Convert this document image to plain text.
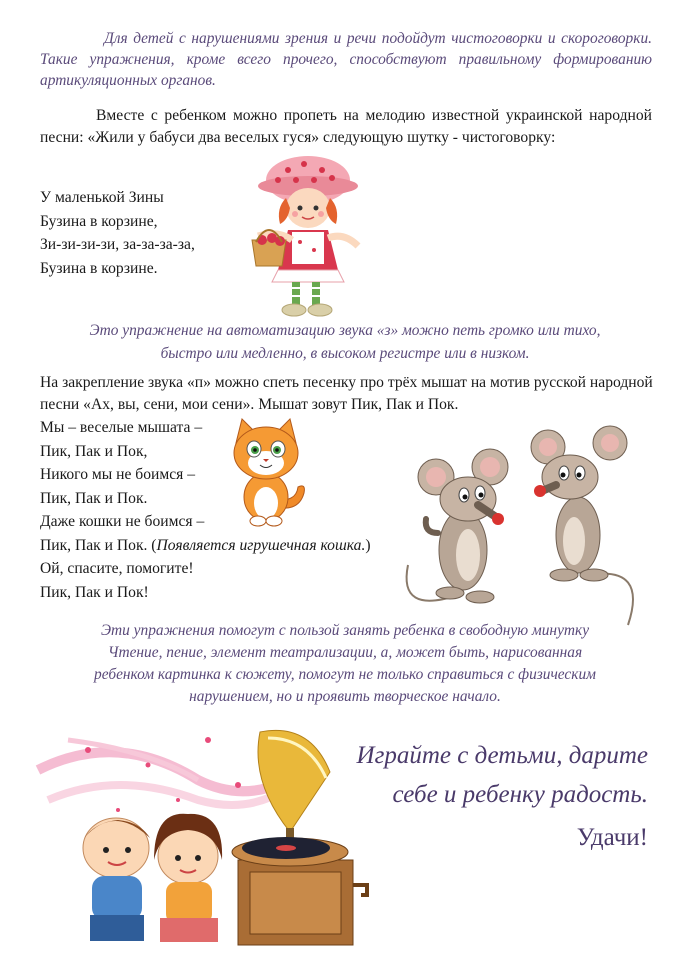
Для детей с нарушениями зрения и речи подойдут чистоговорки и скороговорки. Такие упражнения, кроме всего прочего, способствуют правильному формированию артикуляционных органов.
Вместе с ребенком можно пропеть на мелодию известной украинской народной песни: «Жили у бабуси два веселых гуся» следующую шутку - чистоговорку:
У маленькой Зины
Бузина в корзине,
Зи-зи-зи-зи, за-за-за-за,
Бузина в корзине.
Это упражнение на автоматизацию звука «з» можно петь громко или тихо,
быстро или медленно, в высоком регистре или в низком.
На закрепление звука «п» можно спеть песенку про трёх мышат на мотив русской народной песни «Ах, вы, сени, мои сени». Мышат зовут Пик, Пак и Пок.
Мы – веселые мышата –
Пик, Пак и Пок,
Никого мы не боимся –
Пик, Пак и Пок.
Даже кошки не боимся –
Пик, Пак и Пок. (Появляется игрушечная кошка.)
Ой, спасите, помогите!
Пик, Пак и Пок!
Эти упражнения помогут с пользой занять ребенка в свободную минутку
Чтение, пение, элемент театрализации, а, может быть, нарисованная
ребенком картинка к сюжету, помогут не только справиться с физическим
нарушением, но и проявить творческое начало.
Играйте с детьми, дарите
себе и ребенку радость.
Удачи!
